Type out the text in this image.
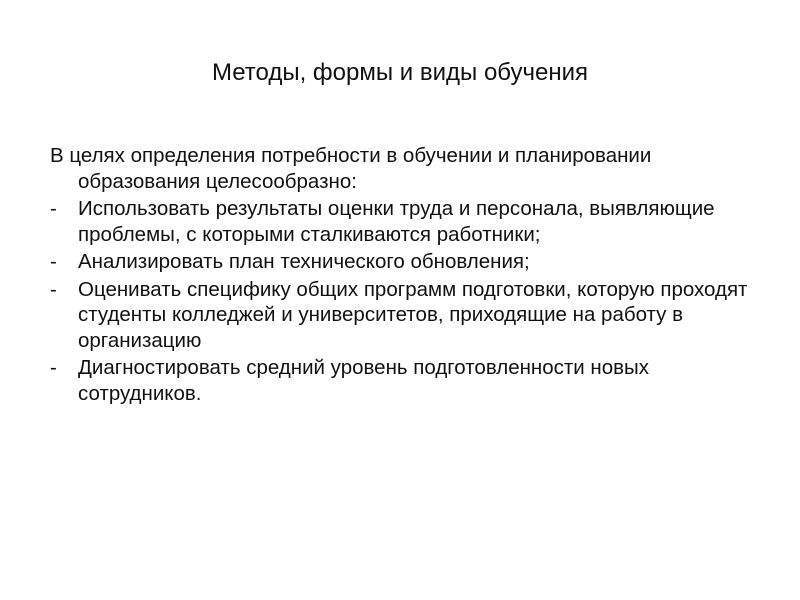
Методы, формы и виды обучения

В целях определения потребности в обучении и планировании образования целесообразно:

-	Использовать результаты оценки труда и персонала, выявляющие проблемы, с которыми сталкиваются работники;
-	Анализировать план технического обновления;
-	Оценивать специфику общих программ подготовки, которую проходят студенты колледжей и университетов, приходящие на работу в организацию
-	Диагностировать средний уровень подготовленности новых сотрудников.
